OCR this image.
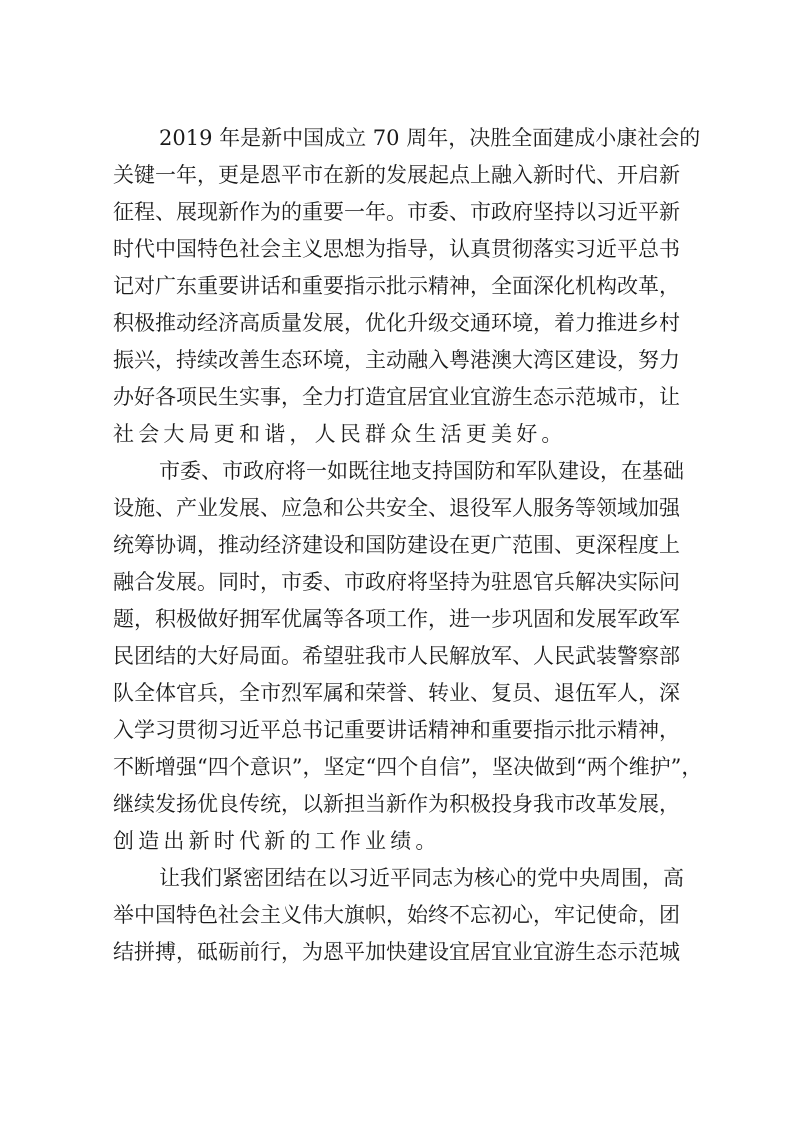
2019 年是新中国成立 70 周年，决胜全面建成小康社会的
关键一年，更是恩平市在新的发展起点上融入新时代、开启新
征程、展现新作为的重要一年。市委、市政府坚持以习近平新
时代中国特色社会主义思想为指导，认真贯彻落实习近平总书
记对广东重要讲话和重要指示批示精神，全面深化机构改革，
积极推动经济高质量发展，优化升级交通环境，着力推进乡村
振兴，持续改善生态环境，主动融入粤港澳大湾区建设，努力
办好各项民生实事，全力打造宜居宜业宜游生态示范城市，让
社会大局更和谐，人民群众生活更美好。
市委、市政府将一如既往地支持国防和军队建设，在基础
设施、产业发展、应急和公共安全、退役军人服务等领域加强
统筹协调，推动经济建设和国防建设在更广范围、更深程度上
融合发展。同时，市委、市政府将坚持为驻恩官兵解决实际问
题，积极做好拥军优属等各项工作，进一步巩固和发展军政军
民团结的大好局面。希望驻我市人民解放军、人民武装警察部
队全体官兵，全市烈军属和荣誉、转业、复员、退伍军人，深
入学习贯彻习近平总书记重要讲话精神和重要指示批示精神，
不断增强“四个意识”，坚定“四个自信”，坚决做到“两个维护”，
继续发扬优良传统，以新担当新作为积极投身我市改革发展，
创造出新时代新的工作业绩。
让我们紧密团结在以习近平同志为核心的党中央周围，高
举中国特色社会主义伟大旗帜，始终不忘初心，牢记使命，团
结拼搏，砥砺前行，为恩平加快建设宜居宜业宜游生态示范城
